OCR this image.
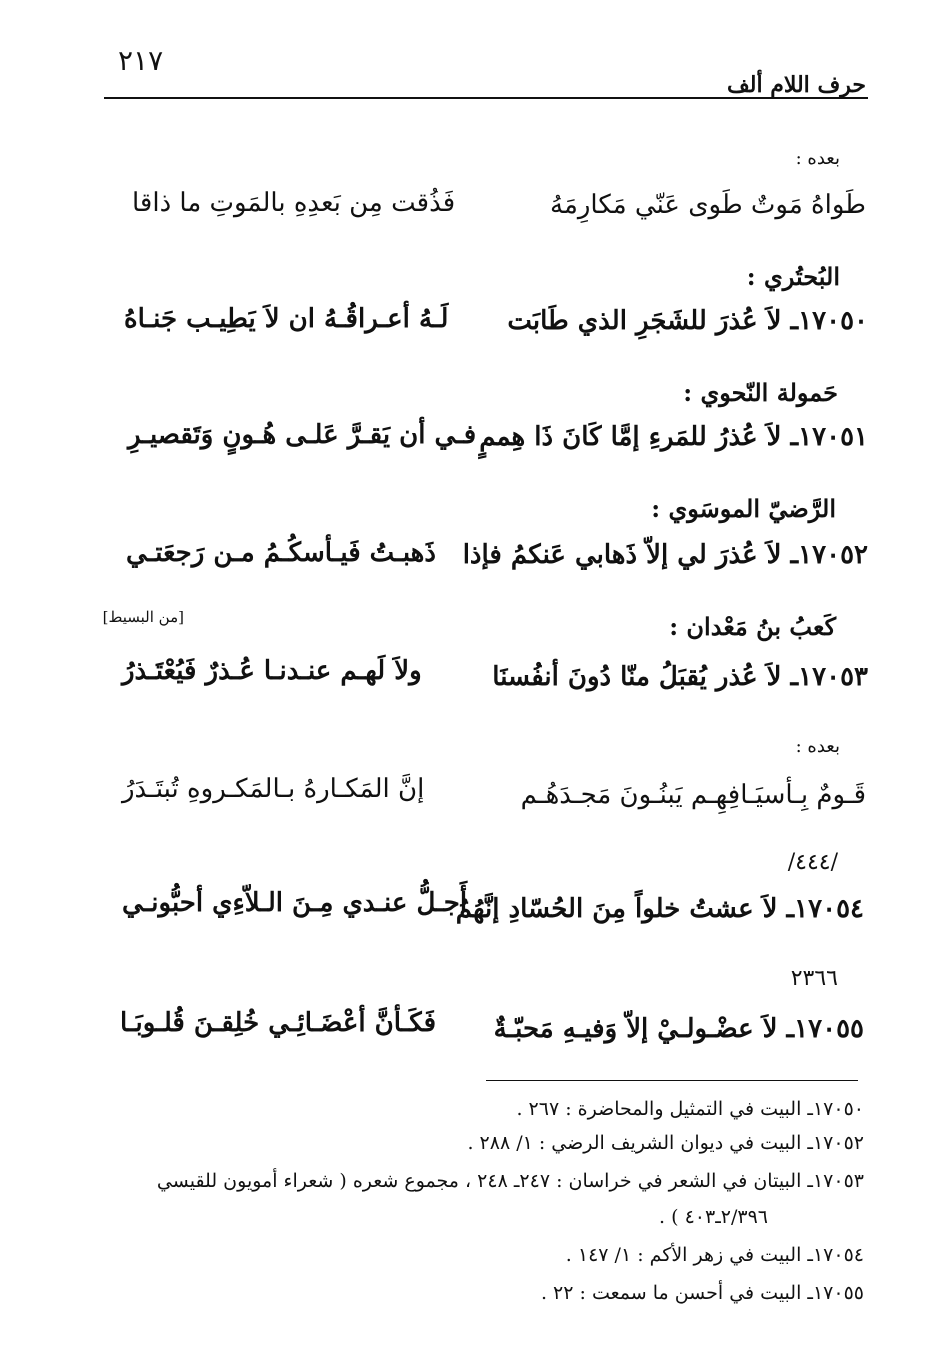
٢١٧
حرف اللام ألف
بعده :
طَواهُ مَوتٌ طَوى عَنّي مَكارِمَهُ
فَذُقت مِن بَعدِهِ بالمَوتِ ما ذاقا
البُحتُري :
١٧٠٥٠ـ لاَ عُذرَ للشَجَرِ الذي طَابَت
لَـهُ أعـراقُـهُ ان لاَ يَطِيـب جَنـاهُ
حَمولة النّحوي :
١٧٠٥١ـ لاَ عُذرُ للمَرءِ إمَّا كَانَ ذَا هِممٍ
فـي أن يَقـرَّ عَلـى هُـونٍ وَتَقصيـرِ
الرَّضيّ الموسَوي :
١٧٠٥٢ـ لاَ عُذرَ لي إلاّ ذَهابي عَنكمُ فإذا
ذَهبـتُ فَيـأسكُـمُ مـن رَجعَتـي
[من البسيط]	كَعبُ بنُ مَعْدان :
١٧٠٥٣ـ لاَ عُذر يُقبَلُ منّا دُونَ أنفُسنَا
ولاَ لَهـم عنـدنـا عُـذرٌ فَيُعْتَـذرُ
بعده :
قَـومٌ بِـأسيَـافِهِـم يَبنُـونَ مَجـدَهُـم
إنَّ المَكـارهُ بـالمَكـروهِ تُبتَـدَرُ
/٤٤٤/
١٧٠٥٤ـ لاَ عشتُ خلواً مِنَ الحُسّادِ إنَّهُمُ
أَجـلُّ عنـدي مِـنَ الـلاّءِي أحبُّونـي
٢٣٦٦
١٧٠٥٥ـ لاَ عضْـولـيْ إلاّ وَفيـهِ مَحبّـةٌ
فَكَـأنَّ أعْضَـائِـي خُلِقـنَ قُلـوبَـا
١٧٠٥٠ـ البيت في التمثيل والمحاضرة : ٢٦٧ .
١٧٠٥٢ـ البيت في ديوان الشريف الرضي : ١/ ٢٨٨ .
١٧٠٥٣ـ البيتان في الشعر في خراسان : ٢٤٧ـ ٢٤٨ ، مجموع شعره ( شعراء أمويون للقيسي
٢/٣٩٦ـ٤٠٣ ) .
١٧٠٥٤ـ البيت في زهر الأكم : ١/ ١٤٧ .
١٧٠٥٥ـ البيت في أحسن ما سمعت : ٢٢ .
